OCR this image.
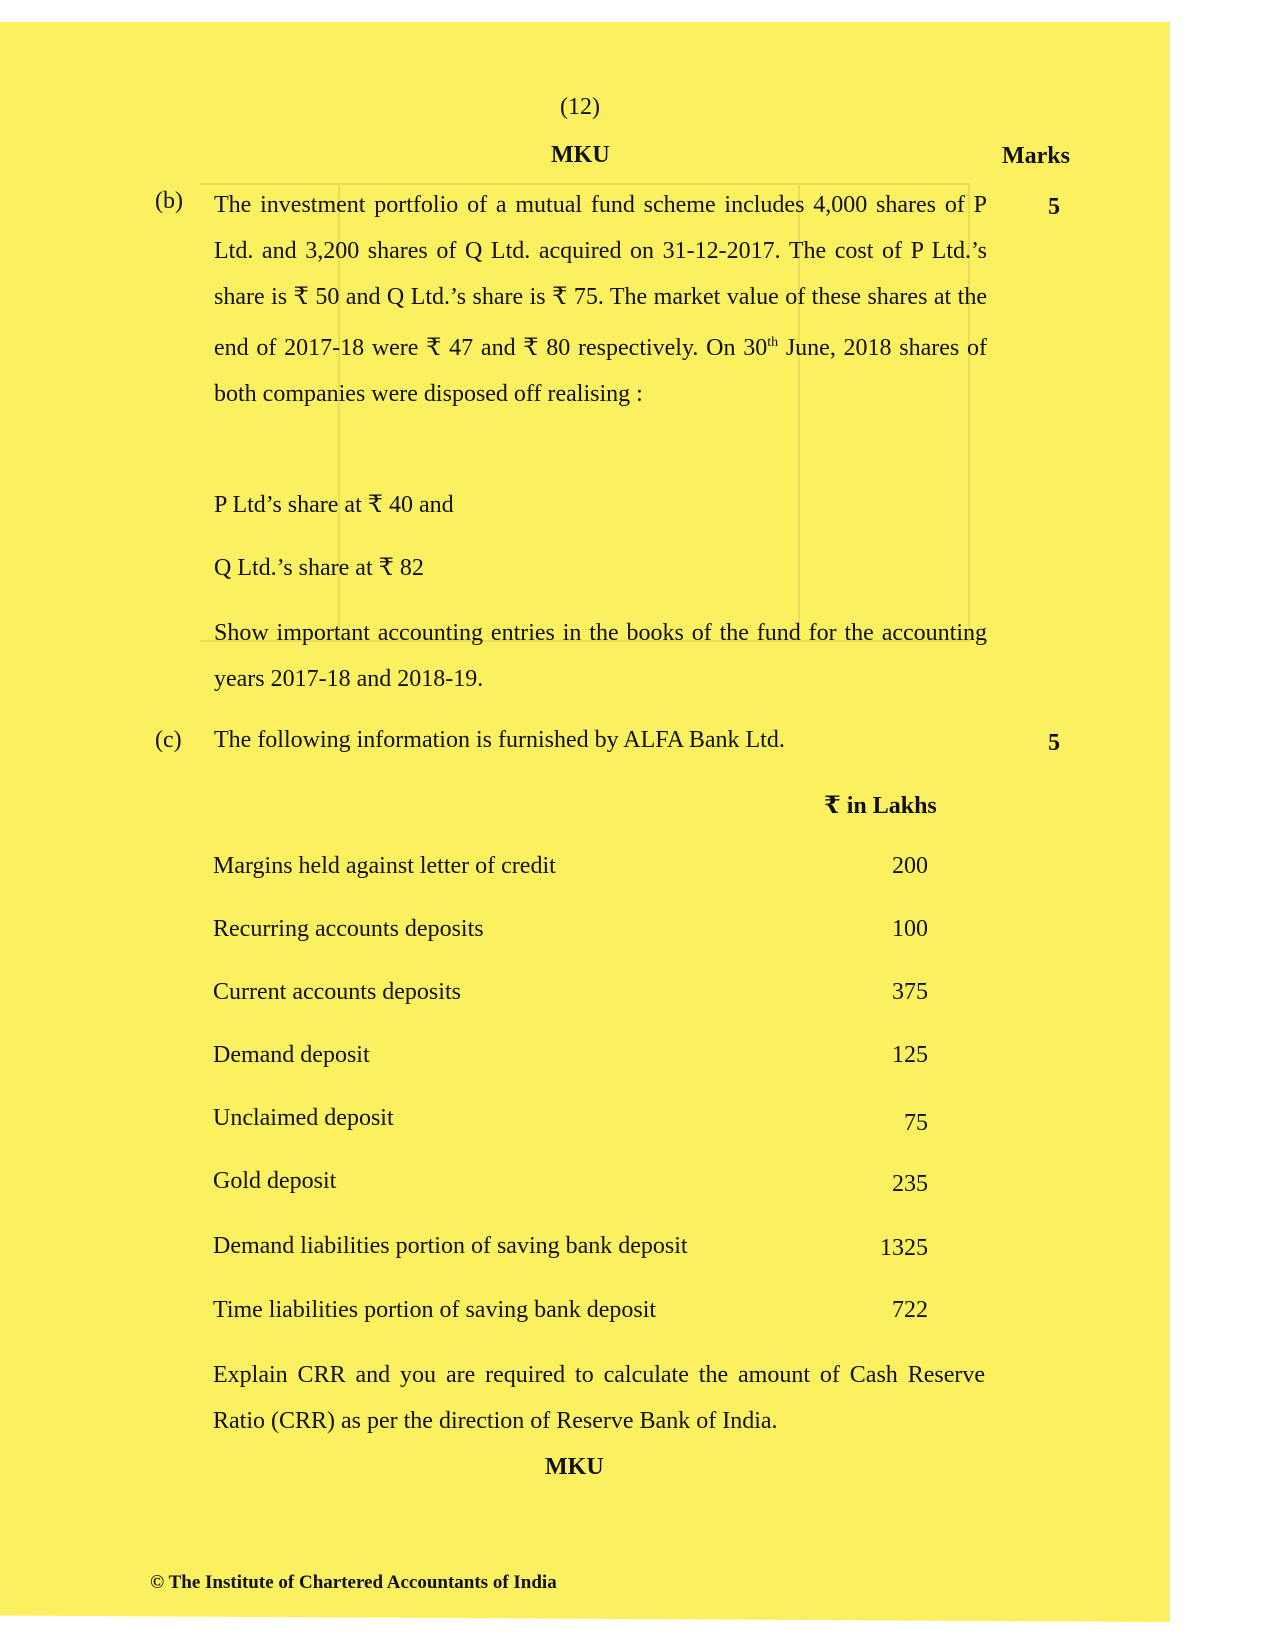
(12)
MKU	Marks
(b)	5
The investment portfolio of a mutual fund scheme includes 4,000 shares of P Ltd. and 3,200 shares of Q Ltd. acquired on 31-12-2017. The cost of P Ltd.’s share is ₹ 50 and Q Ltd.’s share is ₹ 75. The market value of these shares at the end of 2017-18 were ₹ 47 and ₹ 80 respectively. On 30th June, 2018 shares of both companies were disposed off realising :
P Ltd’s share at ₹ 40 and
Q Ltd.’s share at ₹ 82
Show important accounting entries in the books of the fund for the accounting years 2017-18 and 2018-19.
(c)	5
The following information is furnished by ALFA Bank Ltd.
₹ in Lakhs
Margins held against letter of credit	200
Recurring accounts deposits	100
Current accounts deposits	375
Demand deposit	125
Unclaimed deposit	75
Gold deposit	235
Demand liabilities portion of saving bank deposit	1325
Time liabilities portion of saving bank deposit	722
Explain CRR and you are required to calculate the amount of Cash Reserve Ratio (CRR) as per the direction of Reserve Bank of India.
MKU
© The Institute of Chartered Accountants of India
